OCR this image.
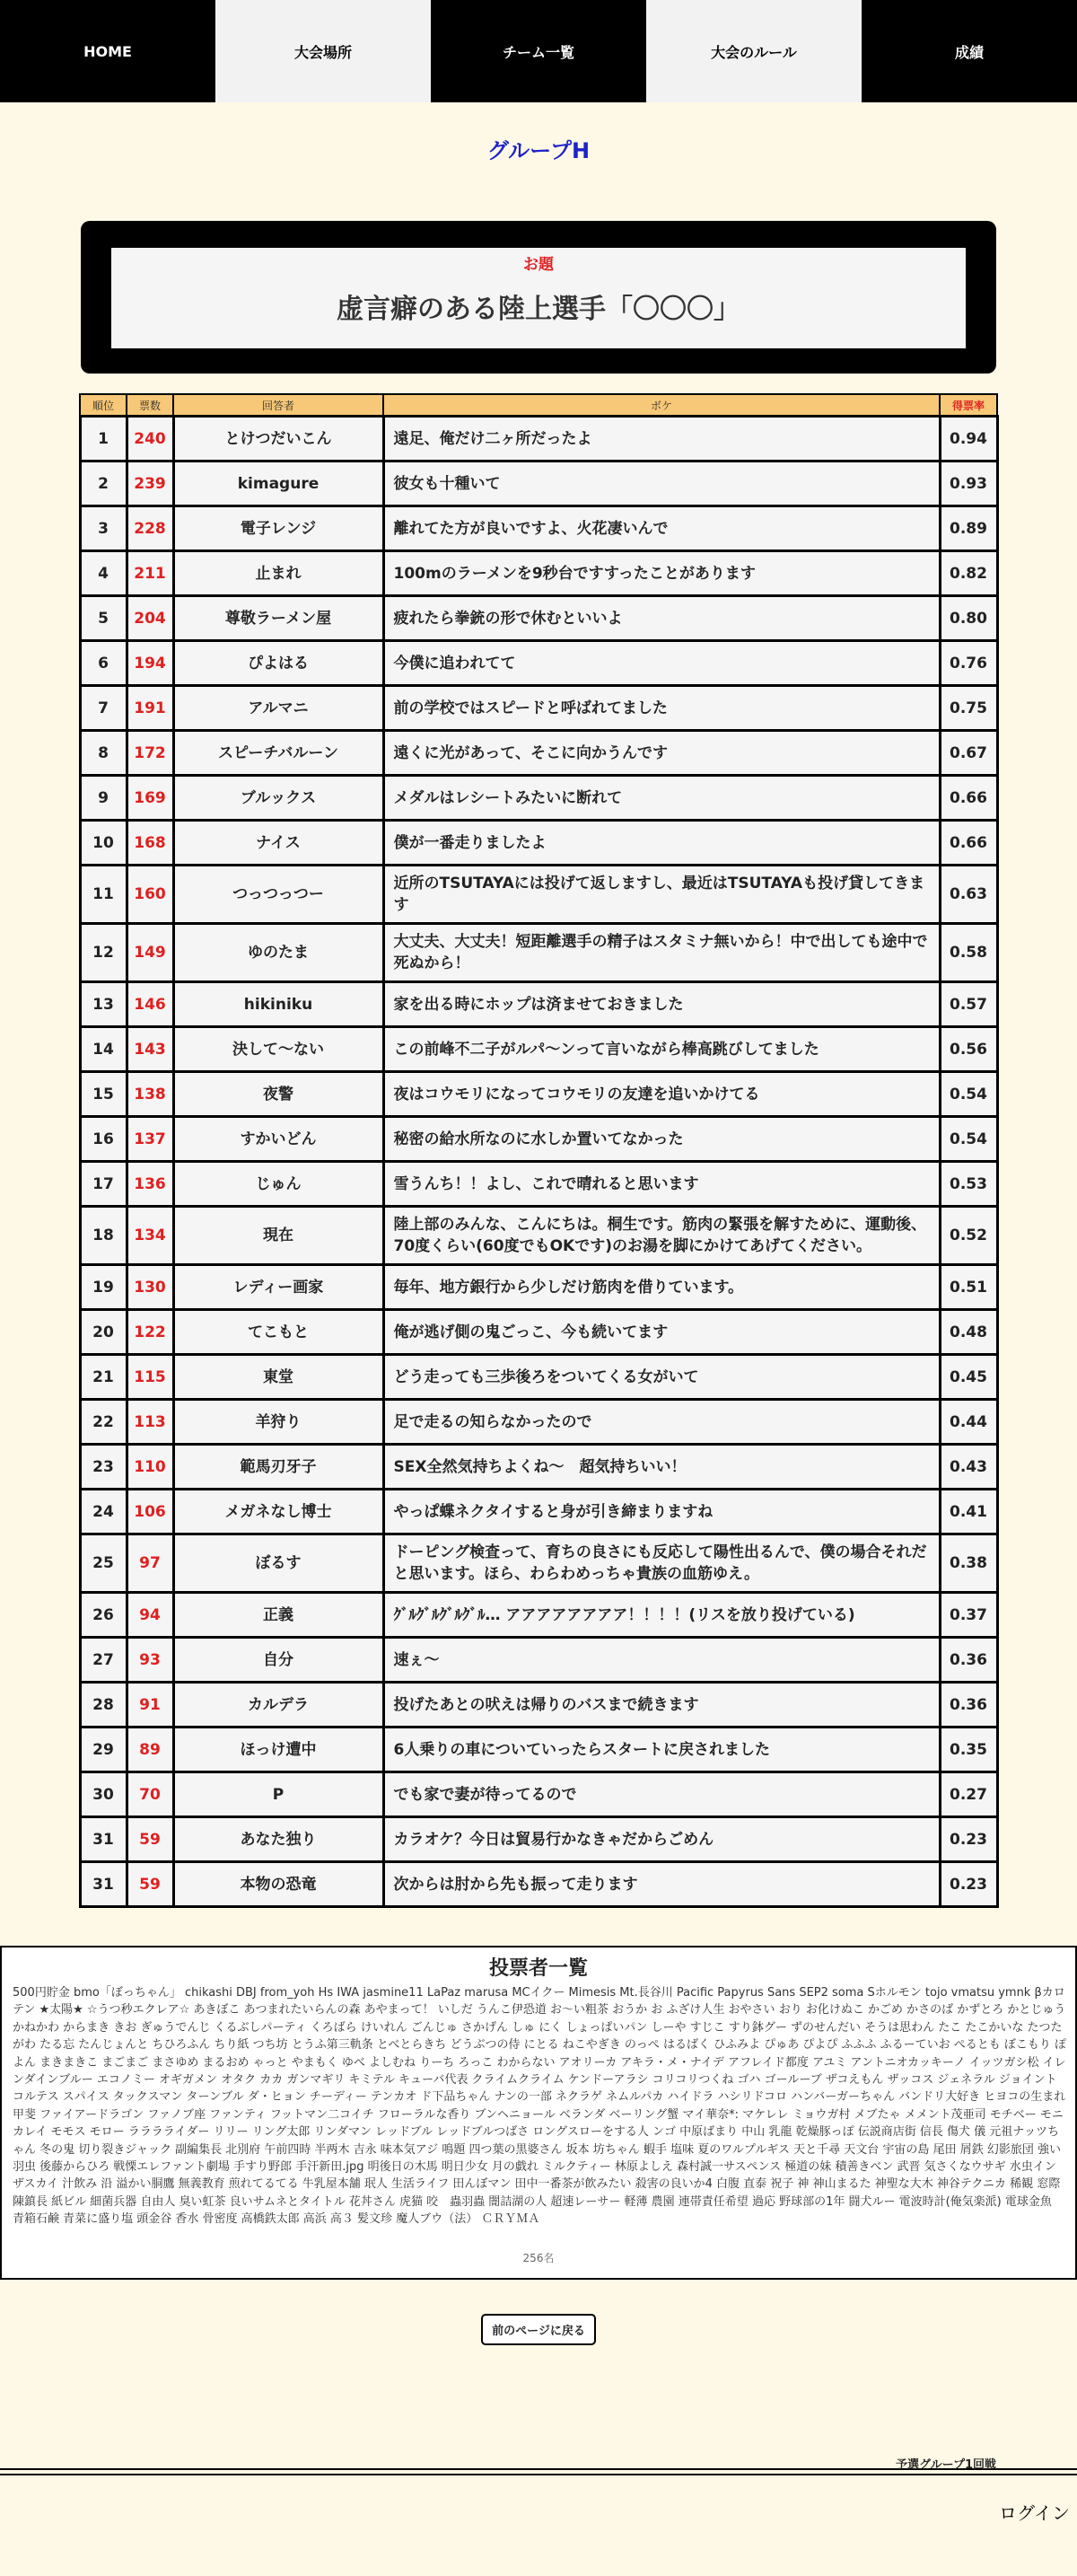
HOME	大会場所	チーム一覧	大会のルール	成績
グループH
お題
虚言癖のある陸上選手「〇〇〇」
順位	票数	回答者	ボケ	得票率
1	240	とけつだいこん	遠足、俺だけ二ヶ所だったよ	0.94
2	239	kimagure	彼女も十種いて	0.93
3	228	電子レンジ	離れてた方が良いですよ、火花凄いんで	0.89
4	211	止まれ	100mのラーメンを9秒台ですすったことがあります	0.82
5	204	尊敬ラーメン屋	疲れたら拳銃の形で休むといいよ	0.80
6	194	ぴよはる	今僕に追われてて	0.76
7	191	アルマニ	前の学校ではスピードと呼ばれてました	0.75
8	172	スピーチバルーン	遠くに光があって、そこに向かうんです	0.67
9	169	ブルックス	メダルはレシートみたいに断れて	0.66
10	168	ナイス	僕が一番走りましたよ	0.66
11	160	つっつっつー	近所のTSUTAYAには投げて返しますし、最近はTSUTAYAも投げ貸してきます	0.63
12	149	ゆのたま	大丈夫、大丈夫！短距離選手の精子はスタミナ無いから！中で出しても途中で死ぬから！	0.58
13	146	hikiniku	家を出る時にホップは済ませておきました	0.57
14	143	決して〜ない	この前峰不二子がルパ〜ンって言いながら棒高跳びしてました	0.56
15	138	夜警	夜はコウモリになってコウモリの友達を追いかけてる	0.54
16	137	すかいどん	秘密の給水所なのに水しか置いてなかった	0.54
17	136	じゅん	雪うんち！！よし、これで晴れると思います	0.53
18	134	現在	陸上部のみんな、こんにちは。桐生です。筋肉の緊張を解すために、運動後、70度くらい(60度でもOKです)のお湯を脚にかけてあげてください。	0.52
19	130	レディー画家	毎年、地方銀行から少しだけ筋肉を借りています。	0.51
20	122	てこもと	俺が逃げ側の鬼ごっこ、今も続いてます	0.48
21	115	東堂	どう走っても三歩後ろをついてくる女がいて	0.45
22	113	羊狩り	足で走るの知らなかったので	0.44
23	110	範馬刃牙子	SEX全然気持ちよくね〜　超気持ちいい！	0.43
24	106	メガネなし博士	やっぱ蝶ネクタイすると身が引き締まりますね	0.41
25	97	ぼるす	ドーピング検査って、育ちの良さにも反応して陽性出るんで、僕の場合それだと思います。ほら、わらわめっちゃ貴族の血筋ゆえ。	0.38
26	94	正義	ｸﾞﾙｸﾞﾙｸﾞﾙｸﾞﾙ… アアアアアアアア！！！！(リスを放り投げている)	0.37
27	93	自分	速ぇ〜	0.36
28	91	カルデラ	投げたあとの吠えは帰りのバスまで続きます	0.36
29	89	ほっけ遭中	6人乗りの車についていったらスタートに戻されました	0.35
30	70	P	でも家で妻が待ってるので	0.27
31	59	あなた独り	カラオケ？今日は貿易行かなきゃだからごめん	0.23
31	59	本物の恐竜	次からは肘から先も振って走ります	0.23
投票者一覧
500円貯金 bmo「ぼっちゃん」 chikashi DBJ from_yoh Hs IWA jasmine11 LaPaz marusa MCイクー Mimesis Mt.長谷川 Pacific Papyrus Sans SEP2 soma Sホルモン tojo vmatsu ymnk βカロテン ★太陽★ ☆うつ秒エクレア☆ あきぼこ あつまれたいらんの森 あやまって！ いしだ うんこ伊恐道 お〜い粗茶 おうか お ふざけ人生 おやさい おり お化けぬこ かごめ かさのば かずとろ かとじゅう かねかわ からまき きお ぎゅうでんじ くるぶしパーティ くろばら けいれん ごんじゅ さかげん しゅ にく しょっぱいパン しーや すじこ すり鉢グー ずのせんだい そうは思わん たこ たこかいな たつたがわ たる忘 たんじょんと ちひろふん ちり紙 つち坊 とうふ第三軌条 とべとらきち どうぶつの侍 にとる ねこやぎき のっぺ はるばく ひふみよ ぴゅあ ぴよぴ ふふふ ふるーていお ぺるとも ぼこもり ぽよん まきまきこ まごまご まさゆめ まるおめ ゃっと やまもく ゆべ よしむね りーち ろっこ わからない アオリーカ アキラ・メ・ナイデ アフレイド都度 アユミ アントニオカッキーノ イッツガシ松 イレンダインブルー エコノミー オギガメン オタク カカ ガンマギリ キミテル キューバ代表 クライムクライム ケンドーアラシ コリコリつくね ゴハ ゴールーブ ザコえもん ザッコス ジェネラル ジョイントコルテス スパイス タックスマン ターンブル ダ・ヒョン チーディー テンカオ ド下品ちゃん ナンの一部 ネクラゲ ネムルパカ ハイドラ ハシリドコロ ハンバーガーちゃん バンドリ大好き ヒヨコの生まれ甲斐 ファイアードラゴン ファノブ座 ファンティ フットマン二コイチ フローラルな香り ブンヘニョール ベランダ ベーリング蟹 マイ華奈*: マケレレ ミョウガ村 メブたゃ メメント茂亜司 モチベー モニカレイ モモス モロー ラララライダー リリー リング太郎 リンダマン レッドブル レッドブルつばさ ロングスローをする人 ンゴ 中原ばまり 中山 乳龍 乾燥豚っぽ 伝説商店街 信長 傷犬 儀 元祖ナッツちゃん 冬の鬼 切り裂きジャック 副編集長 北別府 午前四時 半两木 吉永 味本気アジ 鳴題 四つ葉の黒婆さん 坂本 坊ちゃん 蝦手 塩味 夏のワルプルギス 天と千尋 天文台 宇宙の島 尾田 屑鉄 幻影旅団 強い羽虫 後藤からひろ 戦慄エレファント劇場 手すり野郎 手汗新田.jpg 明後日の木馬 明日少女 月の戯れ ミルクティー 林原よしえ 森村誠一サスペンス 極道の妹 積善きべン 武晋 気さくなウサギ 水虫インザスカイ 汁飲み 沿 溢かい胴鷹 無義教育 煎れてるてる 牛乳屋本舗 珉人 生活ライフ 田んぼマン 田中一番茶が飲みたい 殺害の良いか4 白腹 直泰 祝子 神 神山まるた 神聖な大木 神谷テクニカ 稀観 窓際陳鎮長 紙ビル 細菌兵器 自由人 臭い虹茶 良いサムネとタイトル 花丼さん 虎猫 咬　蟲羽蟲 闇詰湖の人 超速レーサー 軽薄 農園 連帯責任希望 過応 野球部の1年 闘犬ルー 電波時計(俺気楽派) 電球金魚 青箱石鹸 青菜に盛り塩 頭金谷 香水 骨密度 高橋鉄太郎 高浜 高３ 髪文珍 魔人ブウ（法） ＣＲＹＭＡ
256名
前のページに戻る
予選グループ1回戦
ログイン
